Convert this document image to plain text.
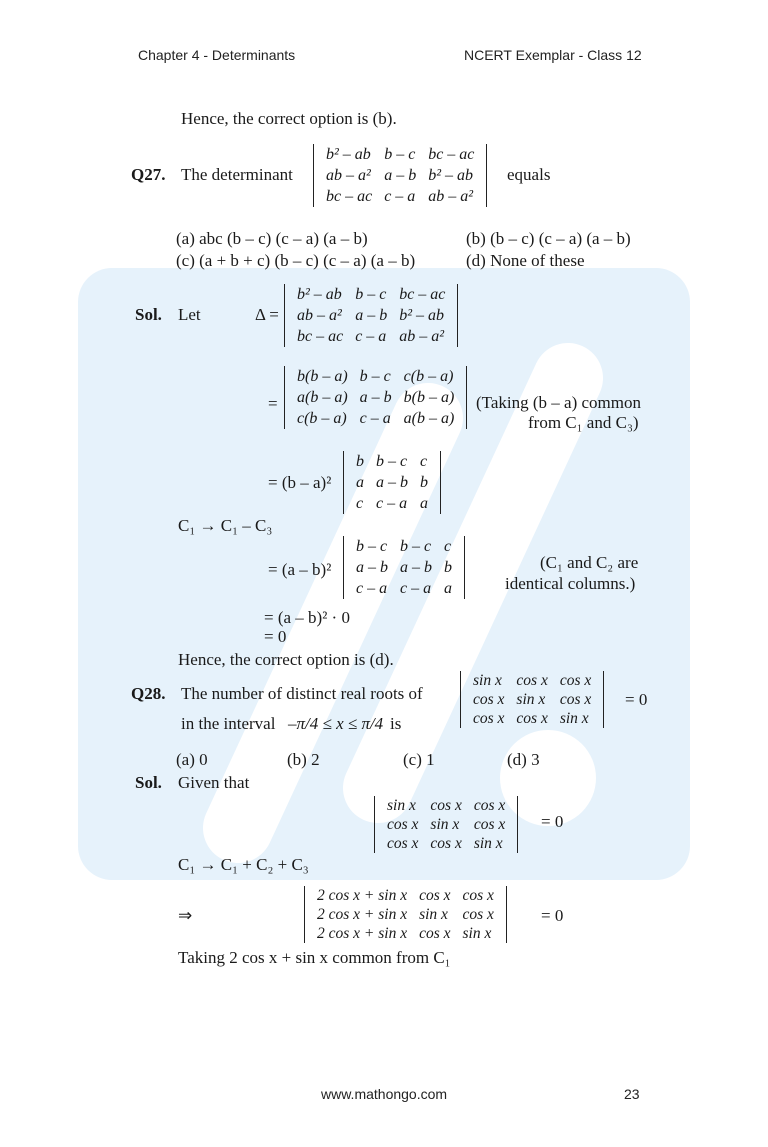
Chapter 4 - Determinants	NCERT Exemplar - Class 12
Hence, the correct option is (b).
Q27. The determinant
b² – ab	b – c	bc – ac
ab – a²	a – b	b² – ab
bc – ac	c – a	ab – a²
equals
(a) abc (b – c) (c – a) (a – b)	(b) (b – c) (c – a) (a – b)
(c) (a + b + c) (b – c) (c – a) (a – b)	(d) None of these
Sol. Let	Δ =
b² – ab	b – c	bc – ac
ab – a²	a – b	b² – ab
bc – ac	c – a	ab – a²
=
b(b – a)	b – c	c(b – a)
a(b – a)	a – b	b(b – a)
c(b – a)	c – a	a(b – a)
(Taking (b – a) common
from C₁ and C₃)
= (b – a)²
b	b – c	c
a	a – b	b
c	c – a	a
C₁ → C₁ – C₃
= (a – b)²
b – c	b – c	c
a – b	a – b	b
c – a	c – a	a
(C₁ and C₂ are
identical columns.)
= (a – b)² · 0
= 0
Hence, the correct option is (d).
Q28. The number of distinct real roots of
sin x	cos x	cos x
cos x	sin x	cos x
cos x	cos x	sin x
= 0
in the interval –π/4 ≤ x ≤ π/4 is
(a) 0	(b) 2	(c) 1	(d) 3
Sol. Given that
sin x	cos x	cos x
cos x	sin x	cos x
cos x	cos x	sin x
= 0
C₁ → C₁ + C₂ + C₃
⇒
2 cos x + sin x	cos x	cos x
2 cos x + sin x	sin x	cos x
2 cos x + sin x	cos x	sin x
= 0
Taking 2 cos x + sin x common from C₁
www.mathongo.com	23
